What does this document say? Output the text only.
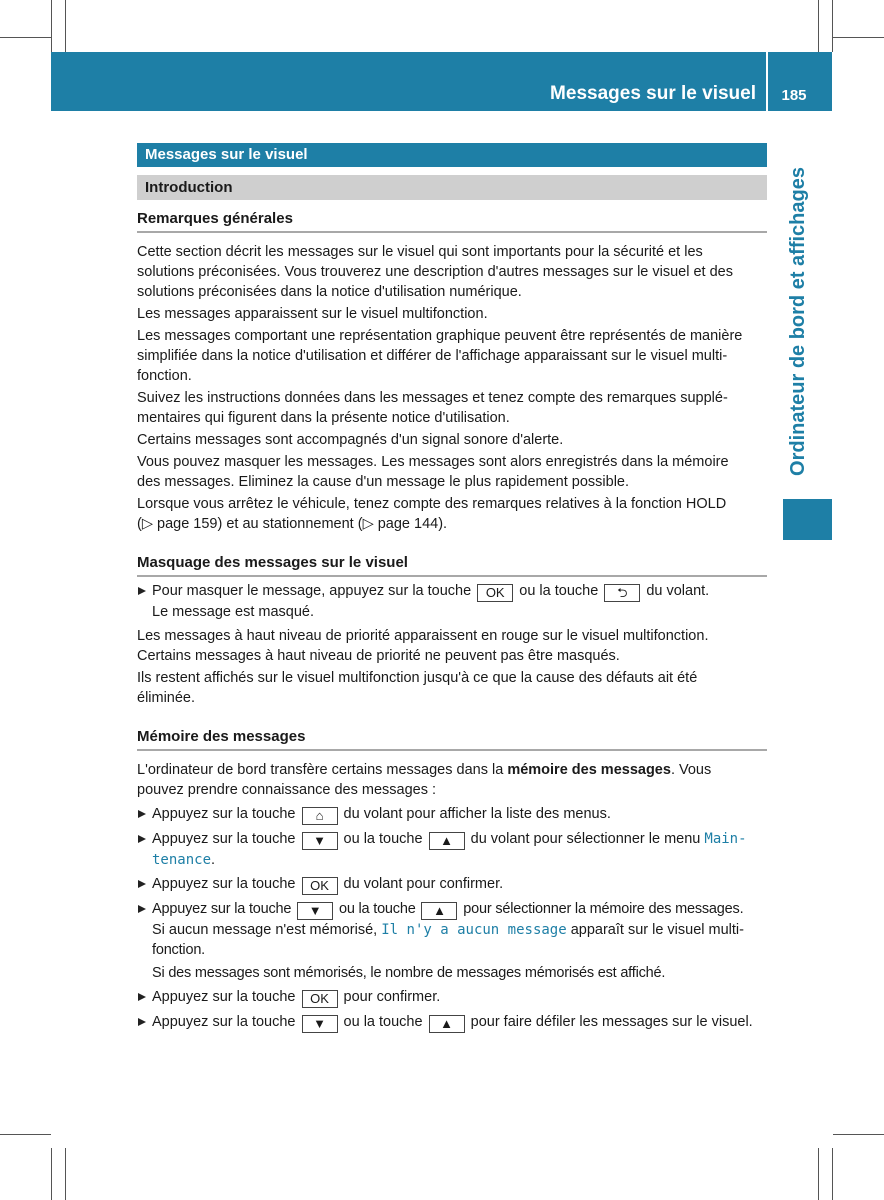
Messages sur le visuel	185
Ordinateur de bord et affichages
Messages sur le visuel
Introduction
Remarques générales

Cette section décrit les messages sur le visuel qui sont importants pour la sécurité et les
solutions préconisées. Vous trouverez une description d'autres messages sur le visuel et des
solutions préconisées dans la notice d'utilisation numérique.

Les messages apparaissent sur le visuel multifonction.

Les messages comportant une représentation graphique peuvent être représentés de manière
simplifiée dans la notice d'utilisation et différer de l'affichage apparaissant sur le visuel multi-
fonction.

Suivez les instructions données dans les messages et tenez compte des remarques supplé-
mentaires qui figurent dans la présente notice d'utilisation.

Certains messages sont accompagnés d'un signal sonore d'alerte.

Vous pouvez masquer les messages. Les messages sont alors enregistrés dans la mémoire
des messages. Eliminez la cause d'un message le plus rapidement possible.

Lorsque vous arrêtez le véhicule, tenez compte des remarques relatives à la fonction HOLD
(▷ page 159) et au stationnement (▷ page 144).

Masquage des messages sur le visuel
Pour masquer le message, appuyez sur la touche OK ou la touche ⮌ du volant.
Le message est masqué.

Les messages à haut niveau de priorité apparaissent en rouge sur le visuel multifonction.
Certains messages à haut niveau de priorité ne peuvent pas être masqués.

Ils restent affichés sur le visuel multifonction jusqu'à ce que la cause des défauts ait été
éliminée.

Mémoire des messages

L'ordinateur de bord transfère certains messages dans la mémoire des messages. Vous
pouvez prendre connaissance des messages :

Appuyez sur la touche ⌂ du volant pour afficher la liste des menus.
Appuyez sur la touche ▼ ou la touche ▲ du volant pour sélectionner le menu Main-
tenance.
Appuyez sur la touche OK du volant pour confirmer.
Appuyez sur la touche ▼ ou la touche ▲ pour sélectionner la mémoire des messages.
Si aucun message n'est mémorisé, Il n'y a aucun message apparaît sur le visuel multi-
fonction.
Si des messages sont mémorisés, le nombre de messages mémorisés est affiché.
Appuyez sur la touche OK pour confirmer.
Appuyez sur la touche ▼ ou la touche ▲ pour faire défiler les messages sur le visuel.
